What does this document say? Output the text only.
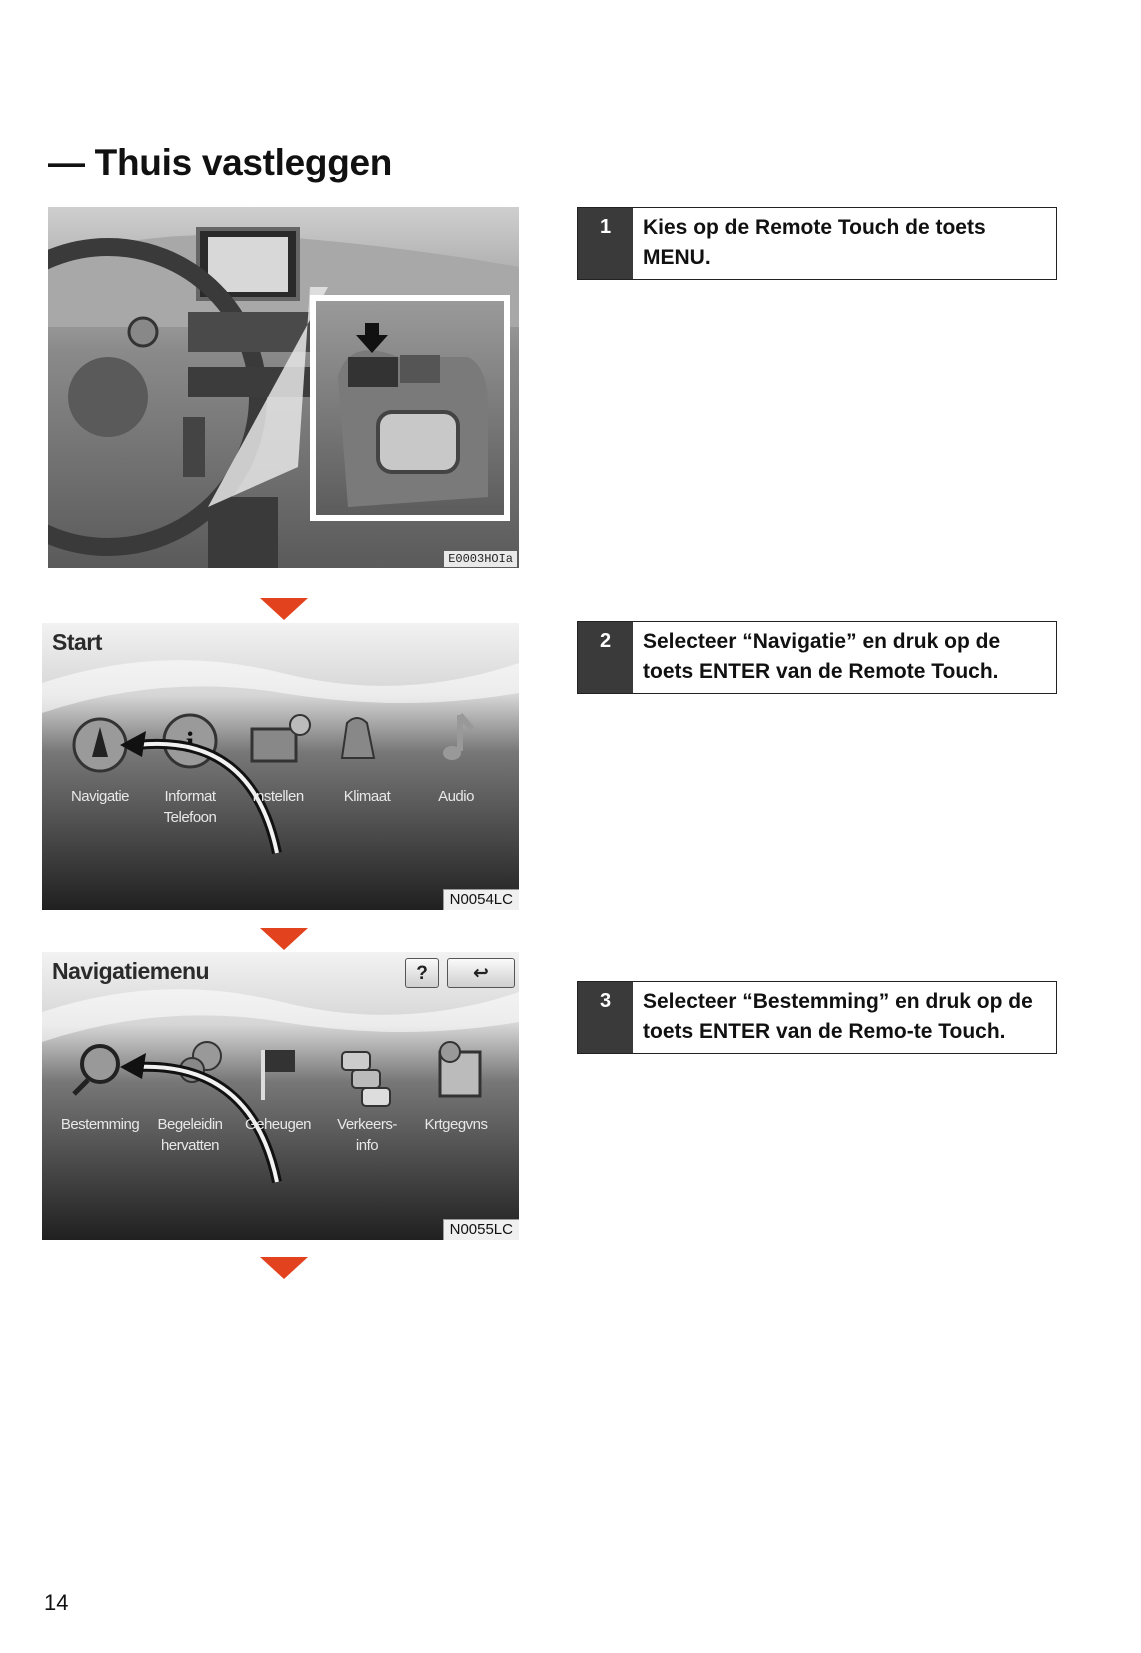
— Thuis vastleggen
E0003HOIa
i
Start
Navigatie	Informat
Telefoon
Instellen	Klimaat	Audio
N0054LC
Navigatiemenu	?	↩
Bestemming	Begeleidin
hervatten
Geheugen	Verkeers-
info
Krtgegvns
N0055LC
1	Kies op de Remote Touch de toets MENU.
2	Selecteer “Navigatie” en druk op de toets ENTER van de Remote Touch.
3	Selecteer “Bestemming” en druk op de toets ENTER van de Remo-te Touch.
14
